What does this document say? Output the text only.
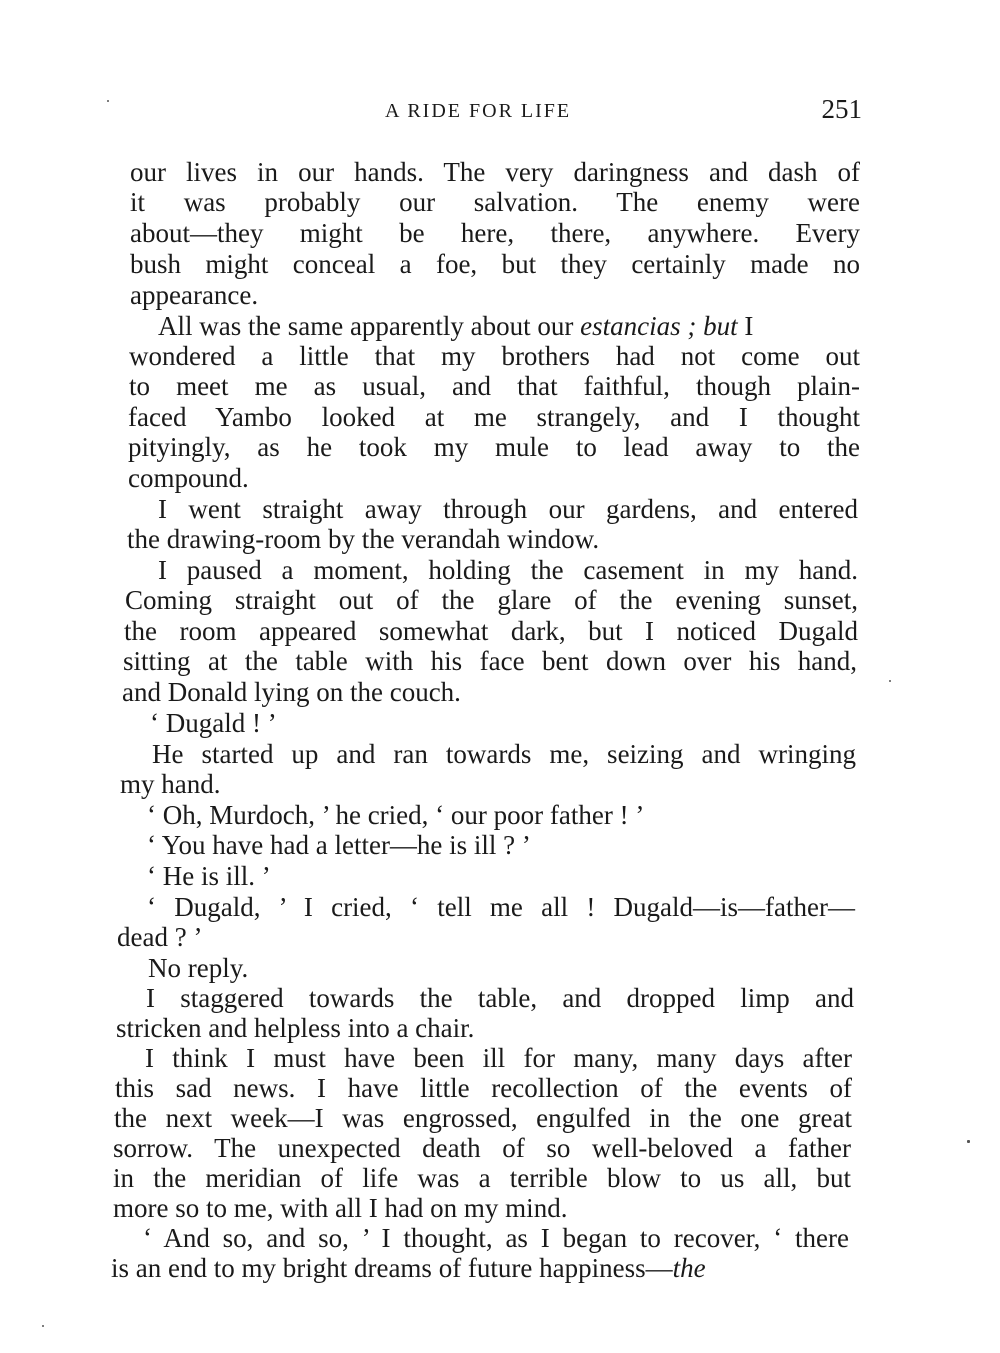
A RIDE FOR LIFE	251
our lives in our hands. The very daringness and dash of
it was probably our salvation. The enemy were
about—they might be here, there, anywhere. Every
bush might conceal a foe, but they certainly made no
appearance.
All was the same apparently about our estancias ; but I
wondered a little that my brothers had not come out
to meet me as usual, and that faithful, though plain-
faced Yambo looked at me strangely, and I thought
pityingly, as he took my mule to lead away to the
compound.
I went straight away through our gardens, and entered
the drawing-room by the verandah window.
I paused a moment, holding the casement in my hand.
Coming straight out of the glare of the evening sunset,
the room appeared somewhat dark, but I noticed Dugald
sitting at the table with his face bent down over his hand,
and Donald lying on the couch.
‘ Dugald ! ’
He started up and ran towards me, seizing and wringing
my hand.
‘ Oh, Murdoch, ’ he cried, ‘ our poor father ! ’
‘ You have had a letter—he is ill ? ’
‘ He is ill. ’
‘ Dugald, ’ I cried, ‘ tell me all ! Dugald—is—father—
dead ? ’
No reply.
I staggered towards the table, and dropped limp and
stricken and helpless into a chair.
I think I must have been ill for many, many days after
this sad news. I have little recollection of the events of
the next week—I was engrossed, engulfed in the one great
sorrow. The unexpected death of so well-beloved a father
in the meridian of life was a terrible blow to us all, but
more so to me, with all I had on my mind.
‘ And so, and so, ’ I thought, as I began to recover, ‘ there
is an end to my bright dreams of future happiness—the
